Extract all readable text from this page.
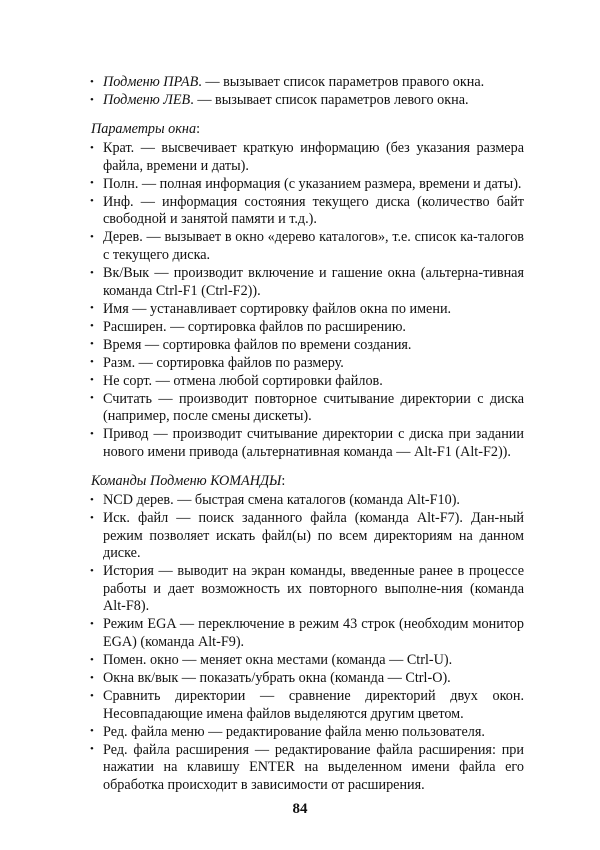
• Подменю ПРАВ. — вызывает список параметров правого окна.
• Подменю ЛЕВ. — вызывает список параметров левого окна.

Параметры окна:

• Крат. — высвечивает краткую информацию (без указания размера файла, времени и даты).
• Полн. — полная информация (с указанием размера, времени и даты).
• Инф. — информация состояния текущего диска (количество байт свободной и занятой памяти и т.д.).
• Дерев. — вызывает в окно «дерево каталогов», т.е. список ка-талогов с текущего диска.
• Вк/Вык — производит включение и гашение окна (альтерна-тивная команда Ctrl-F1 (Ctrl-F2)).
• Имя — устанавливает сортировку файлов окна по имени.
• Расширен. — сортировка файлов по расширению.
• Время — сортировка файлов по времени создания.
• Разм. — сортировка файлов по размеру.
• Не сорт. — отмена любой сортировки файлов.
• Считать — производит повторное считывание директории с диска (например, после смены дискеты).
• Привод — производит считывание директории с диска при задании нового имени привода (альтернативная команда — Alt-F1 (Alt-F2)).

Команды Подменю КОМАНДЫ:

• NCD дерев. — быстрая смена каталогов (команда Alt-F10).
• Иск. файл — поиск заданного файла (команда Alt-F7). Дан-ный режим позволяет искать файл(ы) по всем директориям на данном диске.
• История — выводит на экран команды, введенные ранее в процессе работы и дает возможность их повторного выполне-ния (команда Alt-F8).
• Режим EGA — переключение в режим 43 строк (необходим монитор EGA) (команда Alt-F9).
• Помен. окно — меняет окна местами (команда — Ctrl-U).
• Окна вк/вык — показать/убрать окна (команда — Ctrl-O).
• Сравнить директории — сравнение директорий двух окон. Несовпадающие имена файлов выделяются другим цветом.
• Ред. файла меню — редактирование файла меню пользователя.
• Ред. файла расширения — редактирование файла расширения: при нажатии на клавишу ENTER на выделенном имени файла его обработка происходит в зависимости от расширения.
84
